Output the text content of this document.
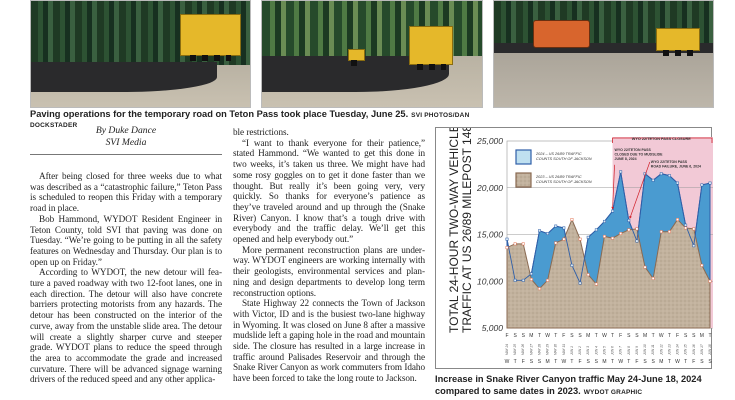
Paving operations for the temporary road on Teton Pass took place Tuesday, June 25. SVI PHOTOS/DAN DOCKSTADER	By Duke Dance
SVI Media

After being closed for three weeks due to what was described as a “catastrophic failure,” Teton Pass is scheduled to reopen this Friday with a temporary road in place.

Bob Hammond, WYDOT Resident Engineer in Teton County, told SVI that paving was done on Tuesday. “We’re going to be putting in all the safety features on Wednesday and Thursday. Our plan is to open up on Friday.”

According to WYDOT, the new detour will feature a paved roadway with two 12-foot lanes, one in each direction. The detour will also have concrete barriers protecting motorists from any hazards. The detour has been constructed on the interior of the curve, away from the unstable slide area. The detour will create a slightly sharper curve and steeper grade. WYDOT plans to reduce the speed through the area to accommodate the grade and increased curvature. There will be advanced signage warning drivers of the reduced speed and any other applica-

ble restrictions.

“I want to thank everyone for their patience,” stated Hammond. “We wanted to get this done in two weeks, it’s taken us three. We might have had some rosy goggles on to get it done faster than we thought. But really it’s been going very, very quickly. So thanks for everyone’s patience as they’ve traveled around and up through the (Snake River) Canyon. I know that’s a tough drive with everybody and the traffic delay. We’ll get this opened and help everybody out.”

More permanent reconstruction plans are underway. WYDOT engineers are working internally with their geologists, environmental services and planning and design departments to develop long term reconstruction options.

State Highway 22 connects the Town of Jackson with Victor, ID and is the busiest two-lane highway in Wyoming. It was closed on June 8 after a massive mudslide left a gaping hole in the road and mountain side. The closure has resulted in a large increase in traffic around Palisades Reservoir and through the Snake River Canyon as work commuters from Idaho have been forced to take the long route to Jackson.

WYO 22/TETON PASS CLOSURE
5,000
10,000
15,000
20,000
25,000
2024 – US 26/89 TRAFFIC
COUNTS SOUTH OF JACKSON
2023 – US 26/89 TRAFFIC
COUNTS SOUTH OF JACKSON
WYO 22/TETON PASS
CLOSED DUE TO MUDSLIDE
JUNE 8, 2024
WYO 22/TETON PASS
ROAD FAILURE, JUNE 6, 2024
TOTAL 24-HOUR TWO-WAY VEHICLE TRAFFIC AT US 26/89 MILEPOST 148.7
F
MAY 24
W
S
MAY 25
T
S
MAY 26
F
M
MAY 27
S
T
MAY 28
S
W
MAY 29
M
T
MAY 30
T
F
MAY 31
W
S
JUN 1
T
S
JUN 2
F
M
JUN 3
S
T
JUN 4
S
W
JUN 5
M
T
JUN 6
T
F
JUN 7
W
S
JUN 8
T
S
JUN 9
F
M
JUN 10
S
T
JUN 11
S
W
JUN 12
M
T
JUN 13
T
F
JUN 14
W
S
JUN 15
T
S
JUN 16
F
M
JUN 17
S
T
JUN 18
S
Increase in Snake River Canyon traffic May 24-June 18, 2024 compared to same dates in 2023. WYDOT GRAPHIC
